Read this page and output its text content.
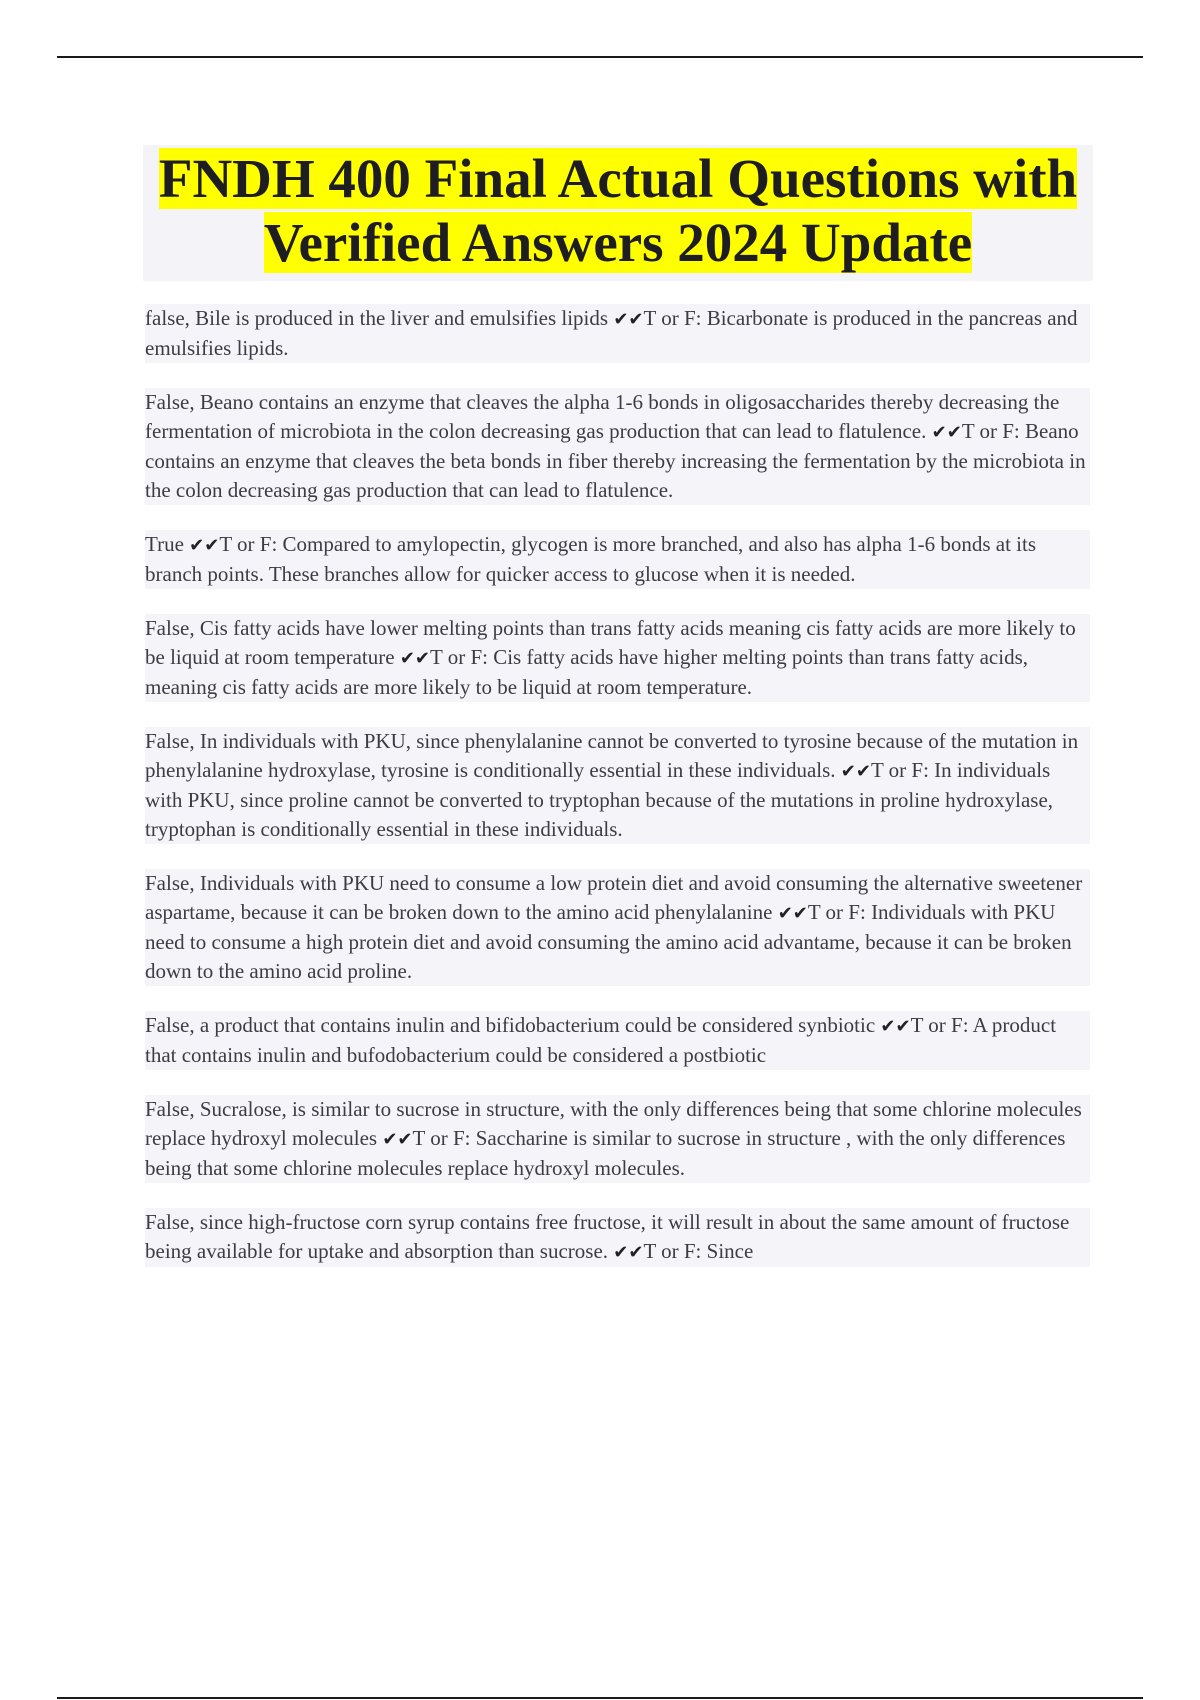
FNDH 400 Final Actual Questions with Verified Answers 2024 Update

false, Bile is produced in the liver and emulsifies lipids ✔✔T or F: Bicarbonate is produced in the pancreas and emulsifies lipids.

False, Beano contains an enzyme that cleaves the alpha 1-6 bonds in oligosaccharides thereby decreasing the fermentation of microbiota in the colon decreasing gas production that can lead to flatulence. ✔✔T or F: Beano contains an enzyme that cleaves the beta bonds in fiber thereby increasing the fermentation by the microbiota in the colon decreasing gas production that can lead to flatulence.

True ✔✔T or F: Compared to amylopectin, glycogen is more branched, and also has alpha 1-6 bonds at its branch points. These branches allow for quicker access to glucose when it is needed.

False, Cis fatty acids have lower melting points than trans fatty acids meaning cis fatty acids are more likely to be liquid at room temperature ✔✔T or F: Cis fatty acids have higher melting points than trans fatty acids, meaning cis fatty acids are more likely to be liquid at room temperature.

False, In individuals with PKU, since phenylalanine cannot be converted to tyrosine because of the mutation in phenylalanine hydroxylase, tyrosine is conditionally essential in these individuals. ✔✔T or F: In individuals with PKU, since proline cannot be converted to tryptophan because of the mutations in proline hydroxylase, tryptophan is conditionally essential in these individuals.

False, Individuals with PKU need to consume a low protein diet and avoid consuming the alternative sweetener aspartame, because it can be broken down to the amino acid phenylalanine ✔✔T or F: Individuals with PKU need to consume a high protein diet and avoid consuming the amino acid advantame, because it can be broken down to the amino acid proline.

False, a product that contains inulin and bifidobacterium could be considered synbiotic ✔✔T or F: A product that contains inulin and bufodobacterium could be considered a postbiotic

False, Sucralose, is similar to sucrose in structure, with the only differences being that some chlorine molecules replace hydroxyl molecules ✔✔T or F: Saccharine is similar to sucrose in structure , with the only differences being that some chlorine molecules replace hydroxyl molecules.

False, since high-fructose corn syrup contains free fructose, it will result in about the same amount of fructose being available for uptake and absorption than sucrose. ✔✔T or F: Since
